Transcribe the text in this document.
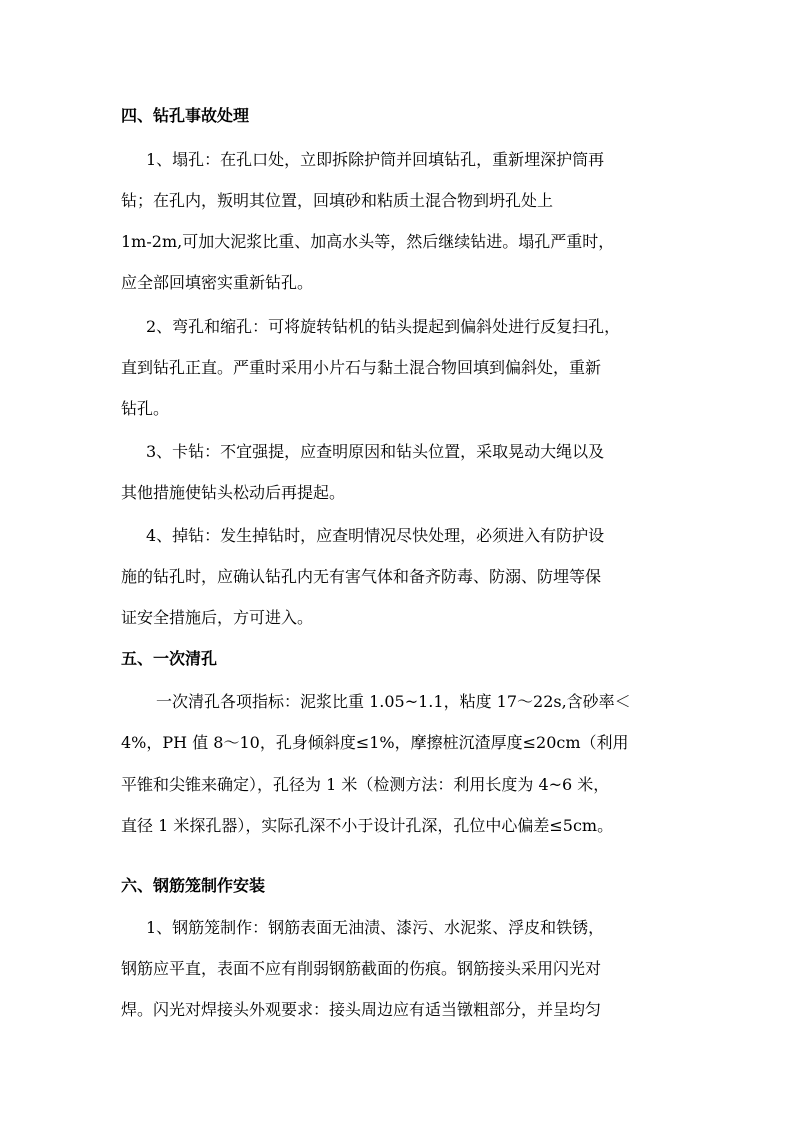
四、钻孔事故处理
1、塌孔：在孔口处，立即拆除护筒并回填钻孔，重新埋深护筒再
钻；在孔内，叛明其位置，回填砂和粘质土混合物到坍孔处上
1m-2m,可加大泥浆比重、加高水头等，然后继续钻进。塌孔严重时，
应全部回填密实重新钻孔。
2、弯孔和缩孔：可将旋转钻机的钻头提起到偏斜处进行反复扫孔，
直到钻孔正直。严重时采用小片石与黏土混合物回填到偏斜处，重新
钻孔。
3、卡钻：不宜强提，应查明原因和钻头位置，采取晃动大绳以及
其他措施使钻头松动后再提起。
4、掉钻：发生掉钻时，应查明情况尽快处理，必须进入有防护设
施的钻孔时，应确认钻孔内无有害气体和备齐防毒、防溺、防埋等保
证安全措施后，方可进入。
五、一次清孔
一次清孔各项指标：泥浆比重 1.05~1.1，粘度 17～22s,含砂率＜
4%，PH 值 8～10，孔身倾斜度≤1%，摩擦桩沉渣厚度≤20cm（利用
平锥和尖锥来确定），孔径为 1 米（检测方法：利用长度为 4~6 米，
直径 1 米探孔器），实际孔深不小于设计孔深，孔位中心偏差≤5cm。
六、钢筋笼制作安装
1、钢筋笼制作：钢筋表面无油渍、漆污、水泥浆、浮皮和铁锈，
钢筋应平直，表面不应有削弱钢筋截面的伤痕。钢筋接头采用闪光对
焊。闪光对焊接头外观要求：接头周边应有适当镦粗部分，并呈均匀
